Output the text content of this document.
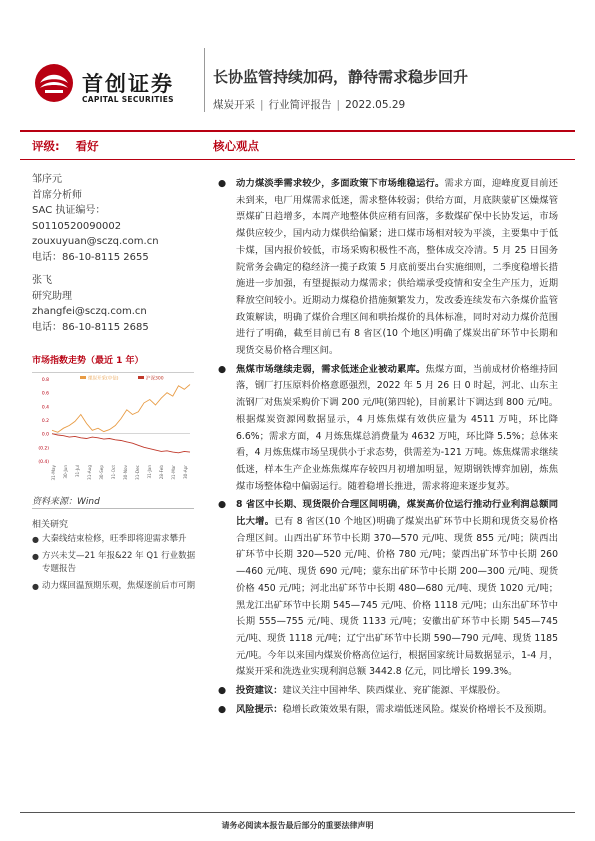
首创证券
CAPITAL SECURITIES
长协监管持续加码，静待需求稳步回升
煤炭开采 | 行业简评报告 | 2022.05.29
评级:    看好	核心观点
邹序元
首席分析师
SAC 执证编号：
S0110520090002
zouxuyuan@sczq.com.cn
电话：86-10-8115 2655
张飞
研究助理
zhangfei@sczq.com.cn
电话：86-10-8115 2685
市场指数走势（最近 1 年）
0.8
0.6
0.4
0.2
0.0
(0.2)
(0.4)
煤炭开采(中信)	沪深300
31-May 30-Jun 31-Jul 31-Aug 30-Sep 31-Oct 30-Nov 31-Dec 31-Jan 28-Feb 31-Mar 30-Apr
资料来源：Wind
相关研究
● 大秦线结束检修，旺季即将迎需求攀升
● 方兴未艾—21 年报&22 年 Q1 行业数据专题报告
● 动力煤回温预期乐观，焦煤逐前后市可期
● 动力煤淡季需求较少，多面政策下市场维稳运行。需求方面，迎峰度夏目前还未到来，电厂用煤需求低迷，需求整体较弱；供给方面，月底陕蒙矿区燥煤管票煤矿日趋增多，本周产地整体供应稍有回落，多数煤矿保中长协发运，市场煤供应较少，国内动力煤供给偏紧；进口煤市场相对较为平淡，主要集中于低卡煤，国内报价较低，市场采购积极性不高，整体成交冷清。5 月 25 日国务院常务会确定的稳经济一揽子政策 5 月底前要出台实施细则，二季度稳增长措施进一步加强，有望提振动力煤需求；供给端承受疫情和安全生产压力，近期释放空间较小。近期动力煤稳价措施频繁发力，发改委连续发布六条煤价监管政策解读，明确了煤价合理区间和哄抬煤价的具体标准，同时对动力煤价范围进行了明确，截至目前已有 8 省区(10 个地区)明确了煤炭出矿环节中长期和现货交易价格合理区间。
● 焦煤市场继续走弱，需求低迷企业被动累库。焦煤方面，当前成材价格维持回落，钢厂打压原料价格意愿强烈，2022 年 5 月 26 日 0 时起，河北、山东主流钢厂对焦炭采购价下调 200 元/吨(第四轮)，目前累计下调达到 800 元/吨。根据煤炭资源网数据显示，4 月炼焦煤有效供应量为 4511 万吨，环比降 6.6%；需求方面，4 月炼焦煤总消费量为 4632 万吨，环比降 5.5%；总体来看，4 月炼焦煤市场呈现供小于求态势，供需差为-121 万吨。炼焦煤需求继续低迷，样本生产企业炼焦煤库存较四月初增加明显，短期钢铁博弈加剧，炼焦煤市场整体稳中偏弱运行。随着稳增长推进，需求将迎来逐步复苏。
● 8 省区中长期、现货限价合理区间明确，煤炭高价位运行推动行业利润总额同比大增。已有 8 省区(10 个地区)明确了煤炭出矿环节中长期和现货交易价格合理区间。山西出矿环节中长期 370—570 元/吨、现货 855 元/吨；陕西出矿环节中长期 320—520 元/吨、价格 780 元/吨；蒙西出矿环节中长期 260—460 元/吨、现货 690 元/吨；蒙东出矿环节中长期 200—300 元/吨、现货价格 450 元/吨；河北出矿环节中长期 480—680 元/吨、现货 1020 元/吨；黑龙江出矿环节中长期 545—745 元/吨、价格 1118 元/吨；山东出矿环节中长期 555—755 元/吨、现货 1133 元/吨；安徽出矿环节中长期 545—745 元/吨、现货 1118 元/吨；辽宁出矿环节中长期 590—790 元/吨、现货 1185 元/吨。今年以来国内煤炭价格高位运行，根据国家统计局数据显示，1-4 月，煤炭开采和洗选业实现利润总额 3442.8 亿元，同比增长 199.3%。
● 投资建议：建议关注中国神华、陕西煤业、兖矿能源、平煤股份。
● 风险提示：稳增长政策效果有限，需求端低迷风险。煤炭价格增长不及预期。
请务必阅读本报告最后部分的重要法律声明
